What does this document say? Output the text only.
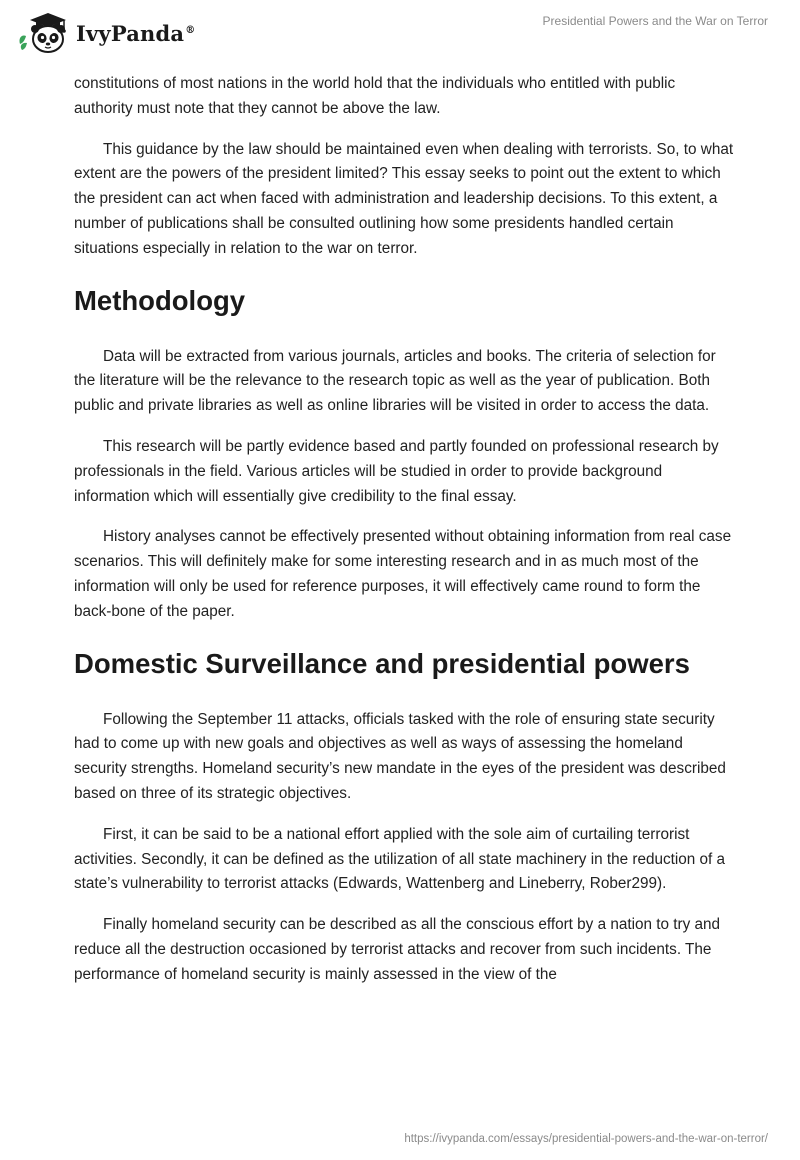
IvyPanda®
Presidential Powers and the War on Terror

constitutions of most nations in the world hold that the individuals who entitled with public authority must note that they cannot be above the law.

This guidance by the law should be maintained even when dealing with terrorists. So, to what extent are the powers of the president limited? This essay seeks to point out the extent to which the president can act when faced with administration and leadership decisions. To this extent, a number of publications shall be consulted outlining how some presidents handled certain situations especially in relation to the war on terror.

Methodology

Data will be extracted from various journals, articles and books. The criteria of selection for the literature will be the relevance to the research topic as well as the year of publication. Both public and private libraries as well as online libraries will be visited in order to access the data.

This research will be partly evidence based and partly founded on professional research by professionals in the field. Various articles will be studied in order to provide background information which will essentially give credibility to the final essay.

History analyses cannot be effectively presented without obtaining information from real case scenarios. This will definitely make for some interesting research and in as much most of the information will only be used for reference purposes, it will effectively came round to form the back-bone of the paper.

Domestic Surveillance and presidential powers

Following the September 11 attacks, officials tasked with the role of ensuring state security had to come up with new goals and objectives as well as ways of assessing the homeland security strengths. Homeland security’s new mandate in the eyes of the president was described based on three of its strategic objectives.

First, it can be said to be a national effort applied with the sole aim of curtailing terrorist activities. Secondly, it can be defined as the utilization of all state machinery in the reduction of a state’s vulnerability to terrorist attacks (Edwards, Wattenberg and Lineberry, Rober299).

Finally homeland security can be described as all the conscious effort by a nation to try and reduce all the destruction occasioned by terrorist attacks and recover from such incidents. The performance of homeland security is mainly assessed in the view of the

https://ivypanda.com/essays/presidential-powers-and-the-war-on-terror/
